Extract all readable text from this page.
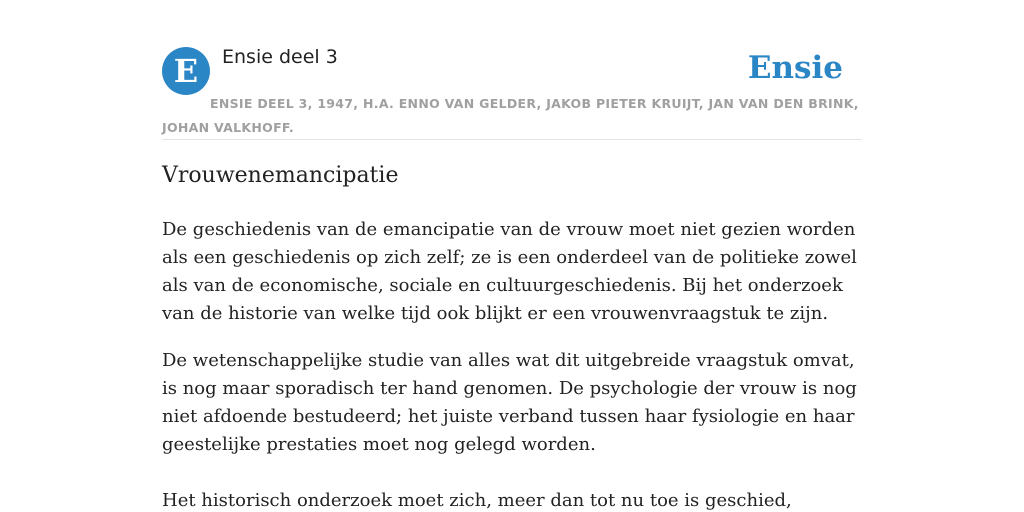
E	Ensie deel 3	Ensie
ENSIE DEEL 3, 1947, H.A. ENNO VAN GELDER, JAKOB PIETER KRUIJT, JAN VAN DEN BRINK, JOHAN VALKHOFF.
Vrouwenemancipatie

De geschiedenis van de emancipatie van de vrouw moet niet gezien worden als een geschiedenis op zich zelf; ze is een onderdeel van de politieke zowel als van de economische, sociale en cultuurgeschiedenis. Bij het onderzoek van de historie van welke tijd ook blijkt er een vrouwenvraagstuk te zijn.

De wetenschappelijke studie van alles wat dit uitgebreide vraagstuk omvat, is nog maar sporadisch ter hand genomen. De psychologie der vrouw is nog niet afdoende bestudeerd; het juiste verband tussen haar fysiologie en haar geestelijke prestaties moet nog gelegd worden.

Het historisch onderzoek moet zich, meer dan tot nu toe is geschied,
